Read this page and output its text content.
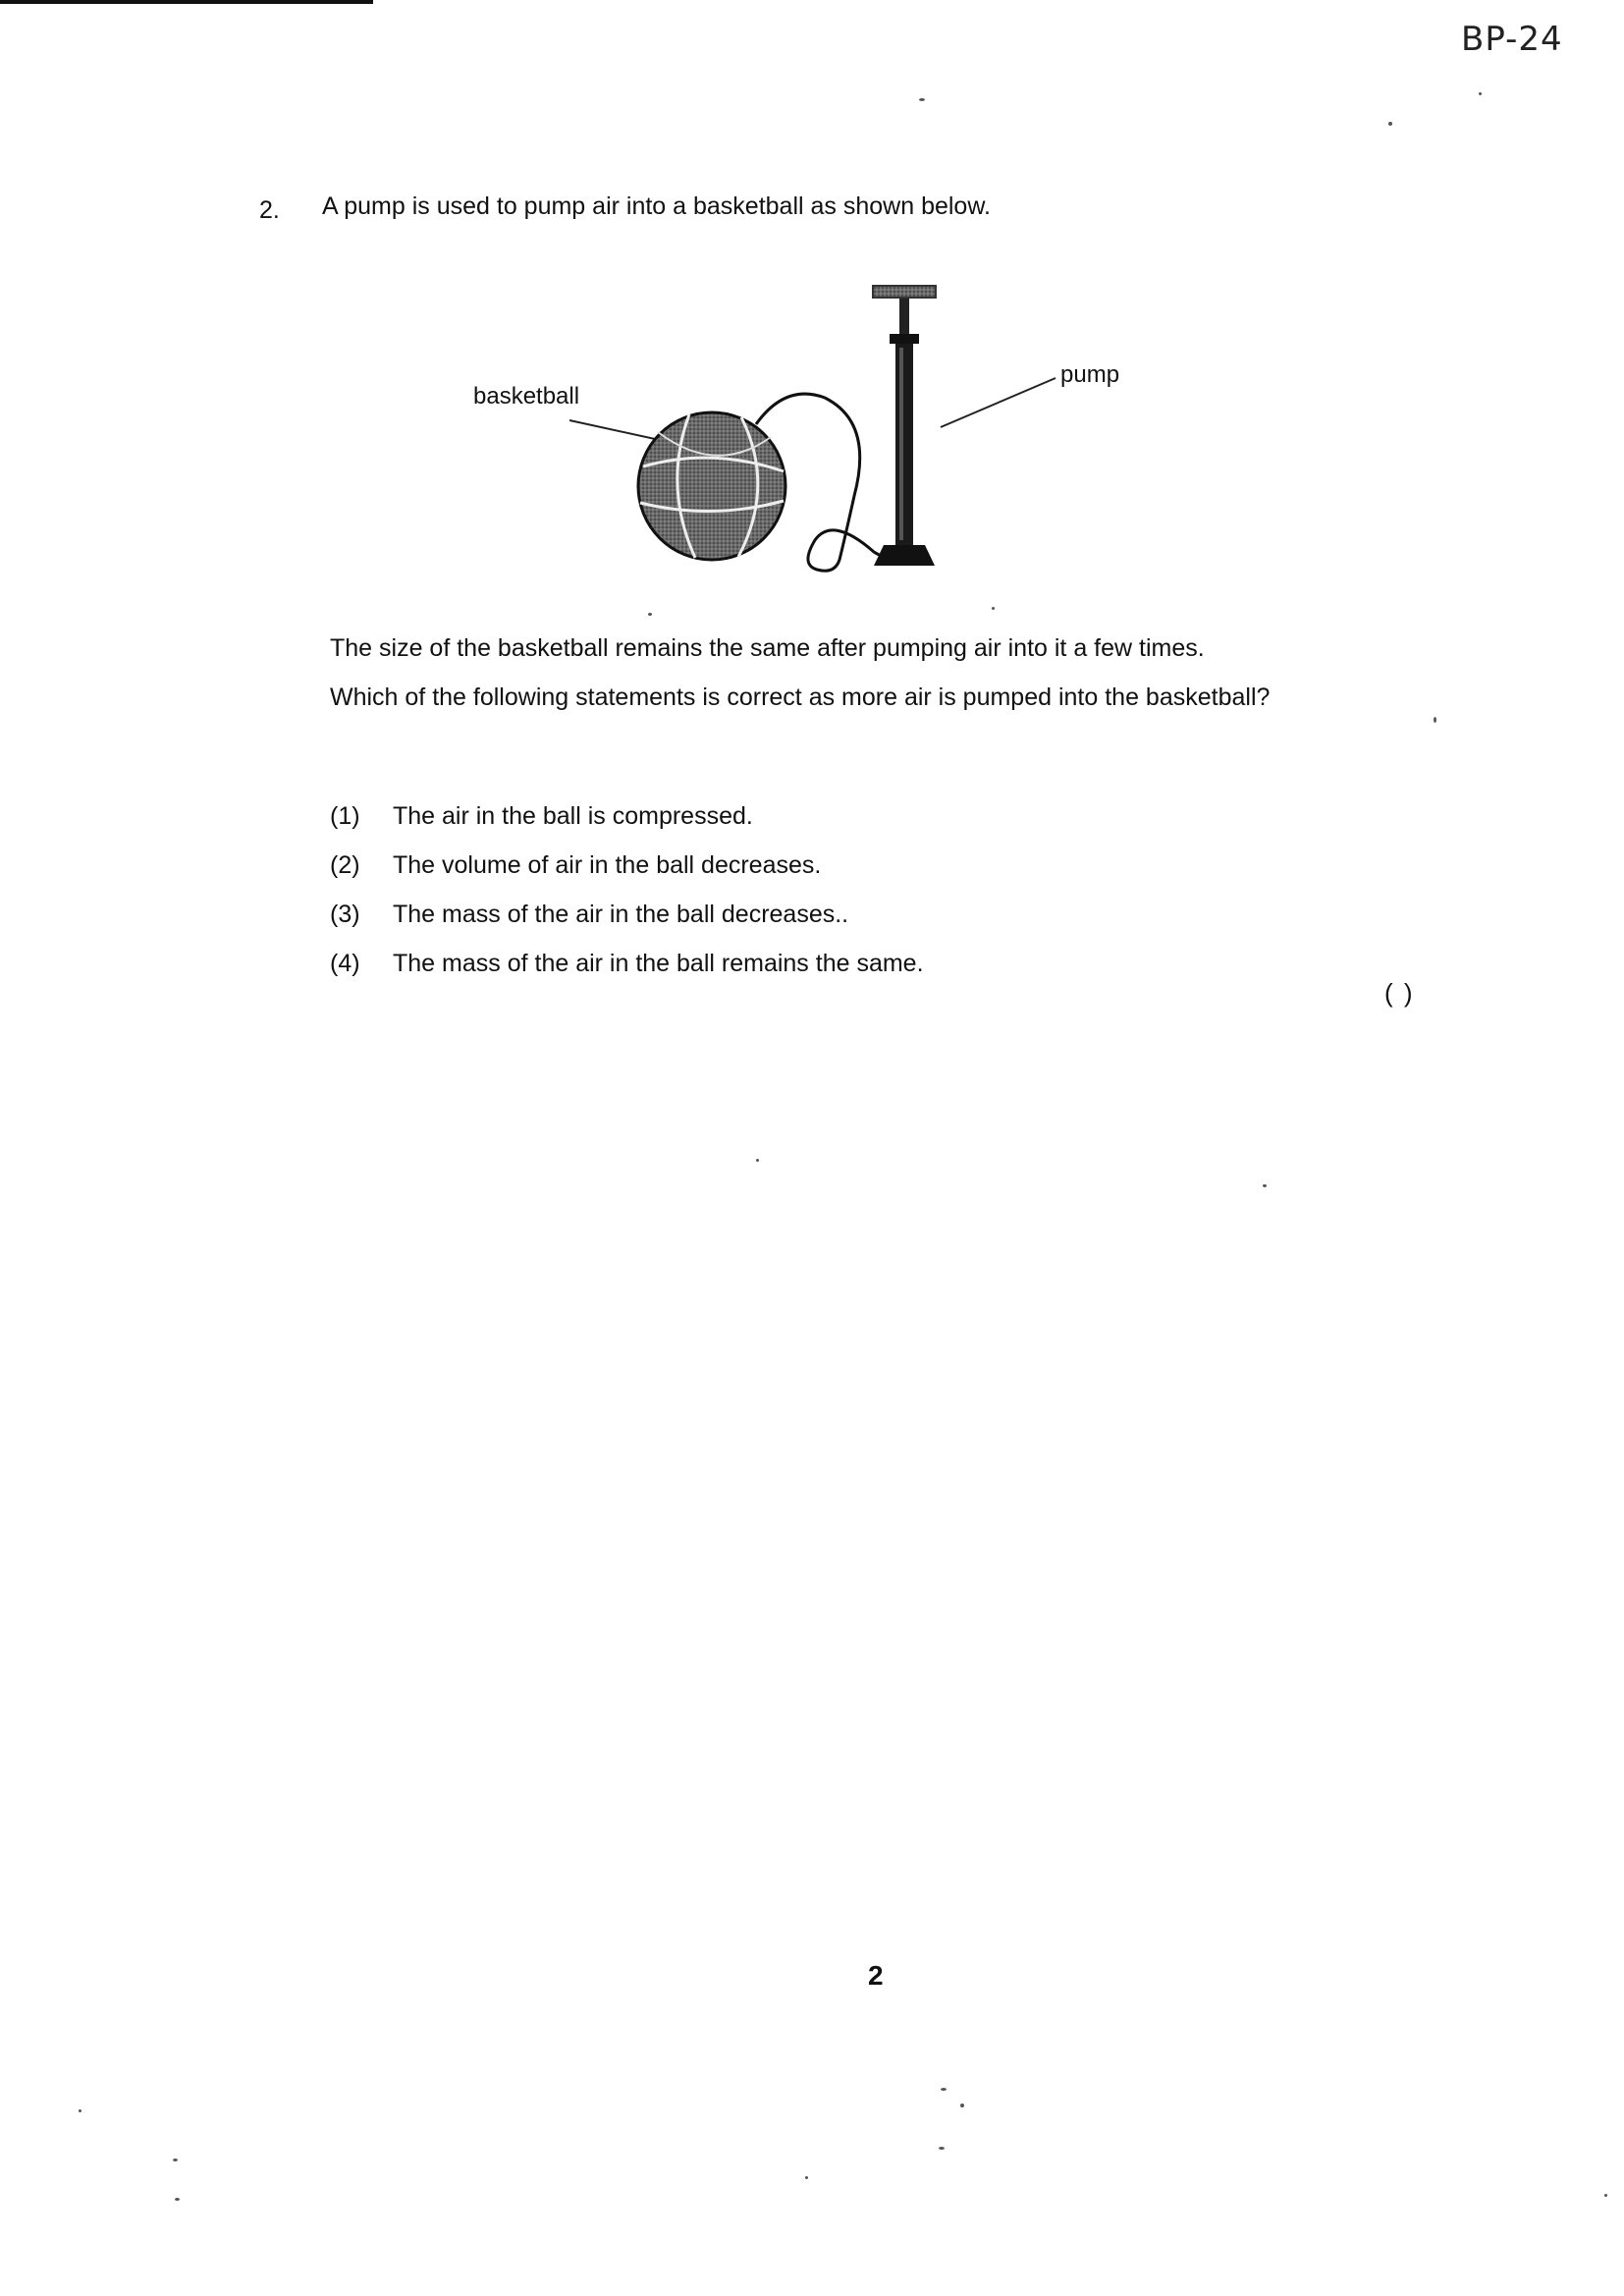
BP-24
2. A pump is used to pump air into a basketball as shown below.
basketball
pump
The size of the basketball remains the same after pumping air into it a few times.
Which of the following statements is correct as more air is pumped into the basketball?
(1)	The air in the ball is compressed.
(2)	The volume of air in the ball decreases.
(3)	The mass of the air in the ball decreases..
(4)	The mass of the air in the ball remains the same.
( )
2
